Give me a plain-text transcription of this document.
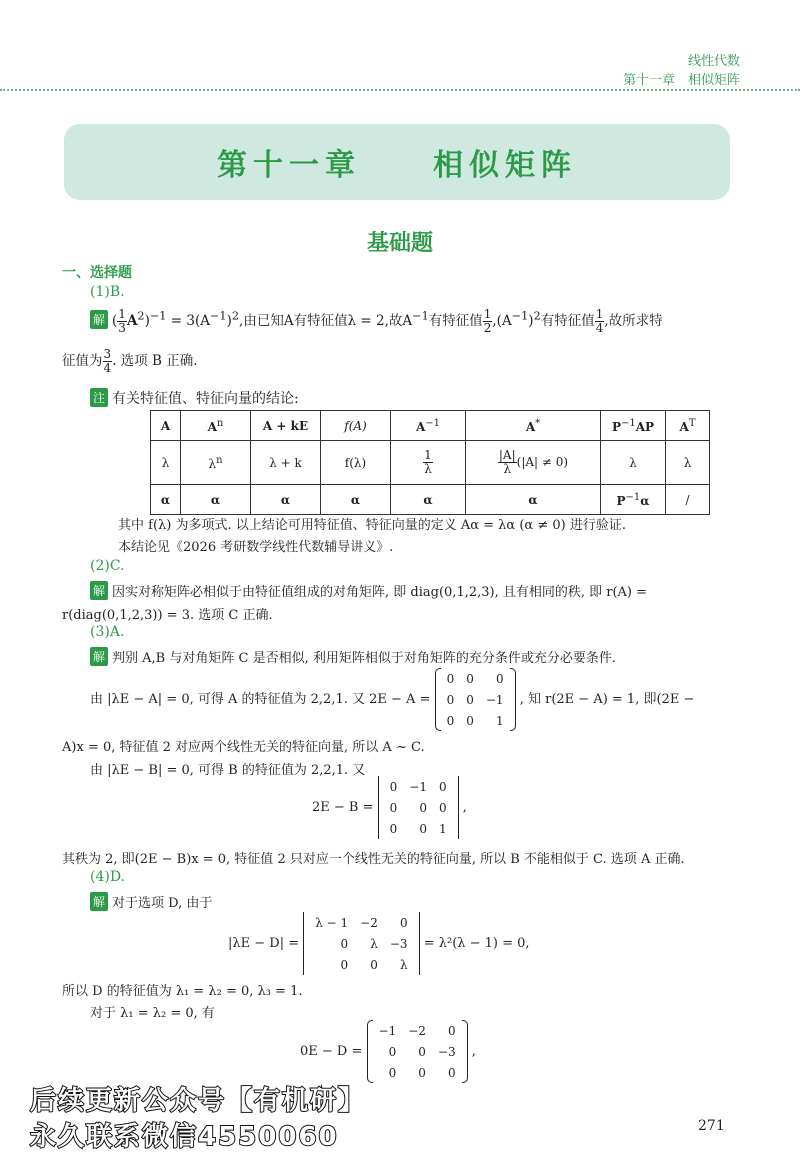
线性代数
第十一章　相似矩阵
第十一章　　相似矩阵
基础题
一、选择题
(1)B.
解 ( $\frac{1}{3} A^2)^{-1} = 3(A^{-1})^2$,由已知A有特征值λ = 2,故$A^{-1}$有特征值 $\frac{1}{2} ,(A^{-1})^2$有特征值 $\frac{1}{4}$ ,故所求特
征值为 $\frac{3}{4}$ . 选项 B 正确.
注 有关特征值、特征向量的结论:
A	$A^n$	A + kE	f(A)	$A^{-1}$	A*	$P^{-1}AP$	$A^T$
λ	$\lambda^n$	λ + k	f(λ)	$\frac{1}{\lambda}$	$\frac{|A|}{\lambda} (|A| \ne 0)$	λ	λ
α	α	α	α	α	α	$P^{-1}\alpha$	/
其中 f(λ) 为多项式. 以上结论可用特征值、特征向量的定义 Aα = λα (α ≠ 0) 进行验证.
本结论见《2026 考研数学线性代数辅导讲义》.
(2)C.
解 因实对称矩阵必相似于由特征值组成的对角矩阵, 即 diag(0,1,2,3), 且有相同的秩, 即 r(A) =
r(diag(0,1,2,3)) = 3. 选项 C 正确.
(3)A.
解 判别 A,B 与对角矩阵 C 是否相似, 利用矩阵相似于对角矩阵的充分条件或充分必要条件.
由 |λE − A| = 0, 可得 A 的特征值为 2,2,1. 又 2E − A =
0	0	0
0	0	−1
0	0	1
, 知 r(2E − A) = 1, 即(2E −
A)x = 0, 特征值 2 对应两个线性无关的特征向量, 所以 A ~ C.
由 |λE − B| = 0, 可得 B 的特征值为 2,2,1. 又
2E − B =
0	−1	0
0	0	0
0	0	1
,
其秩为 2, 即(2E − B)x = 0, 特征值 2 只对应一个线性无关的特征向量, 所以 B 不能相似于 C. 选项 A 正确.
(4)D.
解 对于选项 D, 由于
|λE − D| =
λ − 1	−2	0
0	λ	−3
0	0	λ
= λ²(λ − 1) = 0,
所以 D 的特征值为 λ₁ = λ₂ = 0, λ₃ = 1.
对于 λ₁ = λ₂ = 0, 有
0E − D =
−1	−2	0
0	0	−3
0	0	0
,
后续更新公众号【有机研】
永久联系微信4550060	271
